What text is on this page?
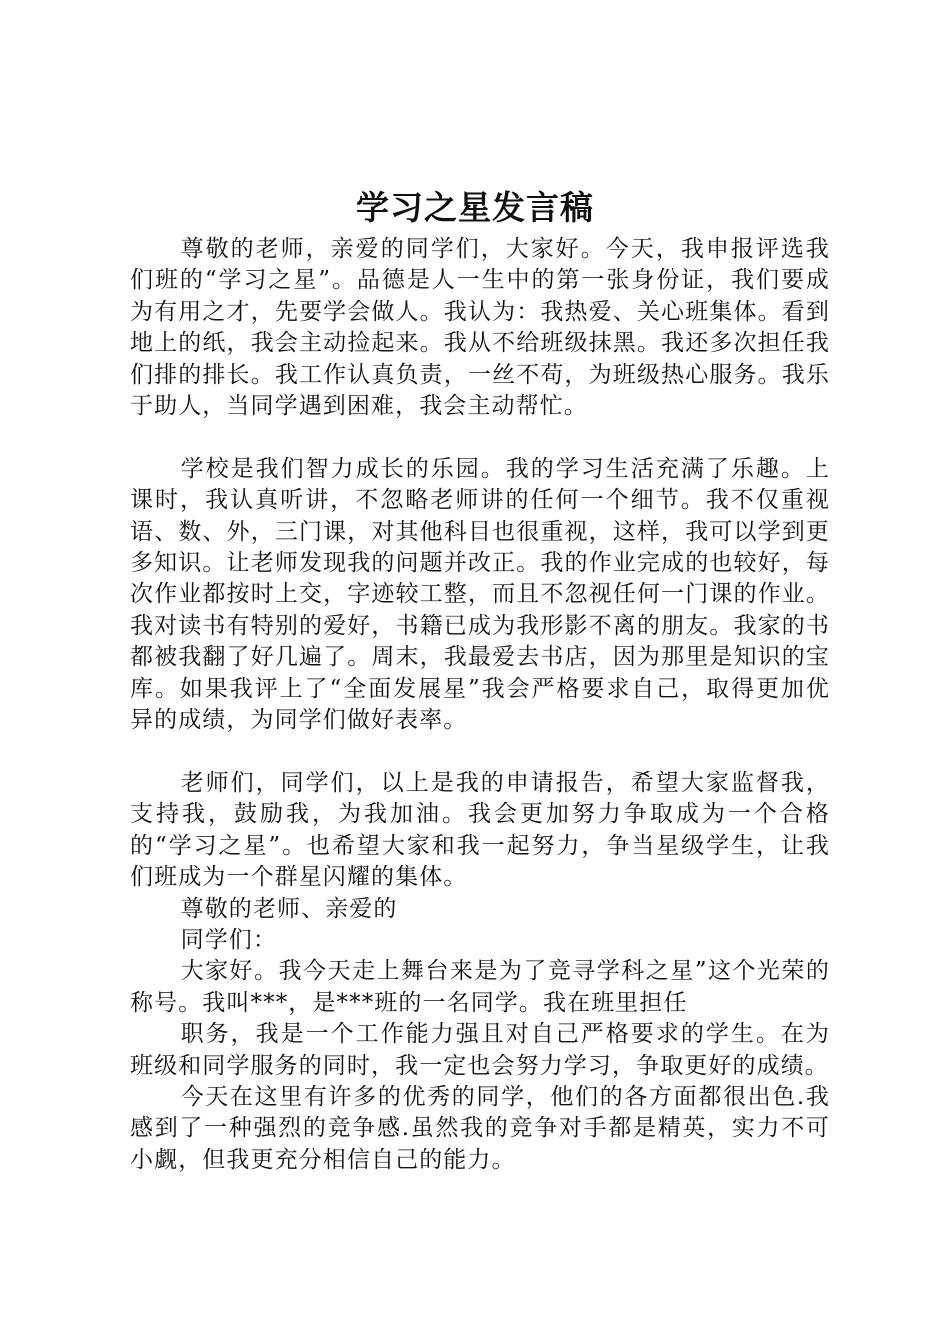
学习之星发言稿

尊敬的老师，亲爱的同学们，大家好。今天，我申报评选我们班的“学习之星”。品德是人一生中的第一张身份证，我们要成为有用之才，先要学会做人。我认为：我热爱、关心班集体。看到地上的纸，我会主动捡起来。我从不给班级抹黑。我还多次担任我们排的排长。我工作认真负责，一丝不苟，为班级热心服务。我乐于助人，当同学遇到困难，我会主动帮忙。

学校是我们智力成长的乐园。我的学习生活充满了乐趣。上课时，我认真听讲，不忽略老师讲的任何一个细节。我不仅重视语、数、外，三门课，对其他科目也很重视，这样，我可以学到更多知识。让老师发现我的问题并改正。我的作业完成的也较好，每次作业都按时上交，字迹较工整，而且不忽视任何一门课的作业。我对读书有特别的爱好，书籍已成为我形影不离的朋友。我家的书都被我翻了好几遍了。周末，我最爱去书店，因为那里是知识的宝库。如果我评上了“全面发展星”我会严格要求自己，取得更加优异的成绩，为同学们做好表率。

老师们，同学们，以上是我的申请报告，希望大家监督我，支持我，鼓励我，为我加油。我会更加努力争取成为一个合格的“学习之星”。也希望大家和我一起努力，争当星级学生，让我们班成为一个群星闪耀的集体。

尊敬的老师、亲爱的

同学们：

大家好。我今天走上舞台来是为了竞寻学科之星”这个光荣的称号。我叫***，是***班的一名同学。我在班里担任

职务，我是一个工作能力强且对自己严格要求的学生。在为班级和同学服务的同时，我一定也会努力学习，争取更好的成绩。

今天在这里有许多的优秀的同学，他们的各方面都很出色.我感到了一种强烈的竞争感.虽然我的竞争对手都是精英，实力不可小觑，但我更充分相信自己的能力。
